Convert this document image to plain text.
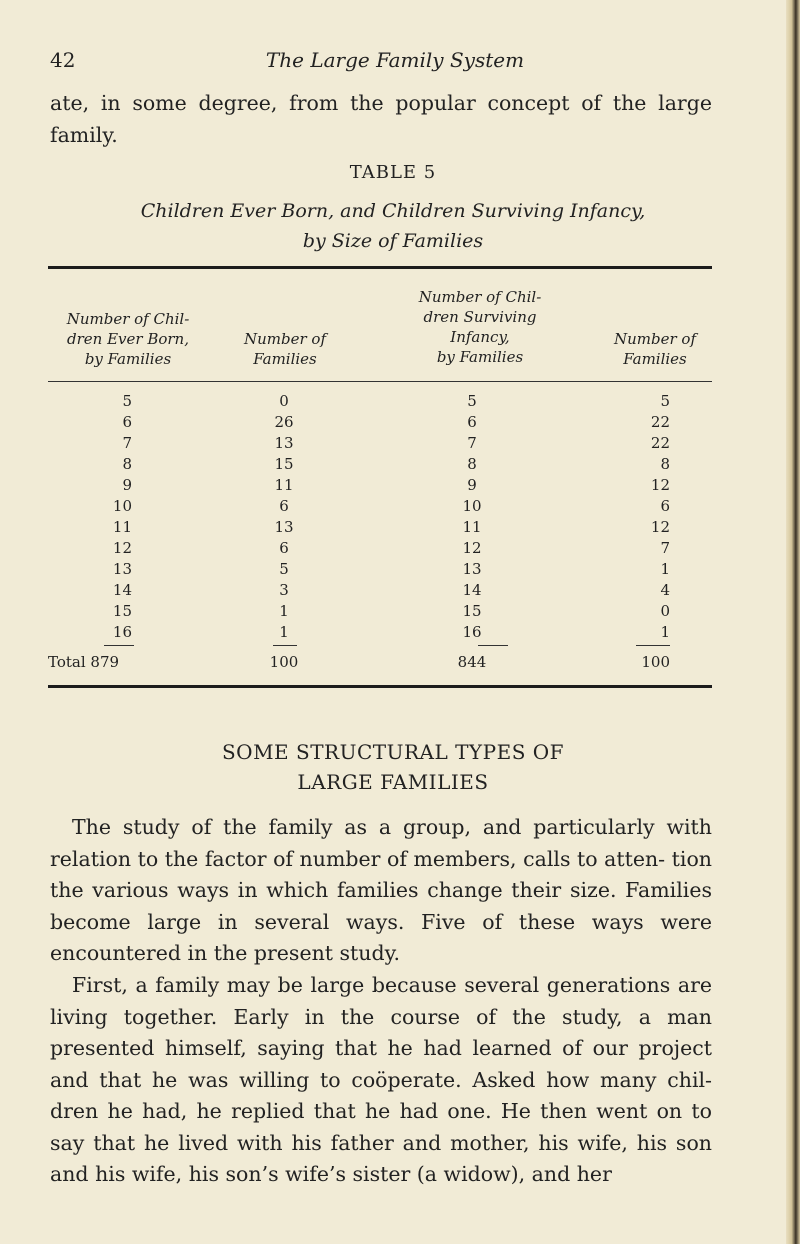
42	The Large Family System

ate, in some degree, from the popular concept of the large family.

TABLE 5
Children Ever Born, and Children Surviving Infancy,
by Size of Families
Number of Chil-
dren Ever Born,
by Families
Number of
Families
Number of Chil-
dren Surviving
Infancy,
by Families
Number of
Families
5	0	5	5
6	26	6	22
7	13	7	22
8	15	8	8
9	11	9	12
10	6	10	6
11	13	11	12
12	6	12	7
13	5	13	1
14	3	14	4
15	1	15	0
16	1	16	1
Total 879	100	844	100
SOME STRUCTURAL TYPES OF
LARGE FAMILIES

The study of the family as a group, and particularly with relation to the factor of number of members, calls to atten- tion the various ways in which families change their size. Families become large in several ways. Five of these ways were encountered in the present study.

First, a family may be large because several generations are living together. Early in the course of the study, a man presented himself, saying that he had learned of our project and that he was willing to coöperate. Asked how many chil- dren he had, he replied that he had one. He then went on to say that he lived with his father and mother, his wife, his son and his wife, his son’s wife’s sister (a widow), and her
